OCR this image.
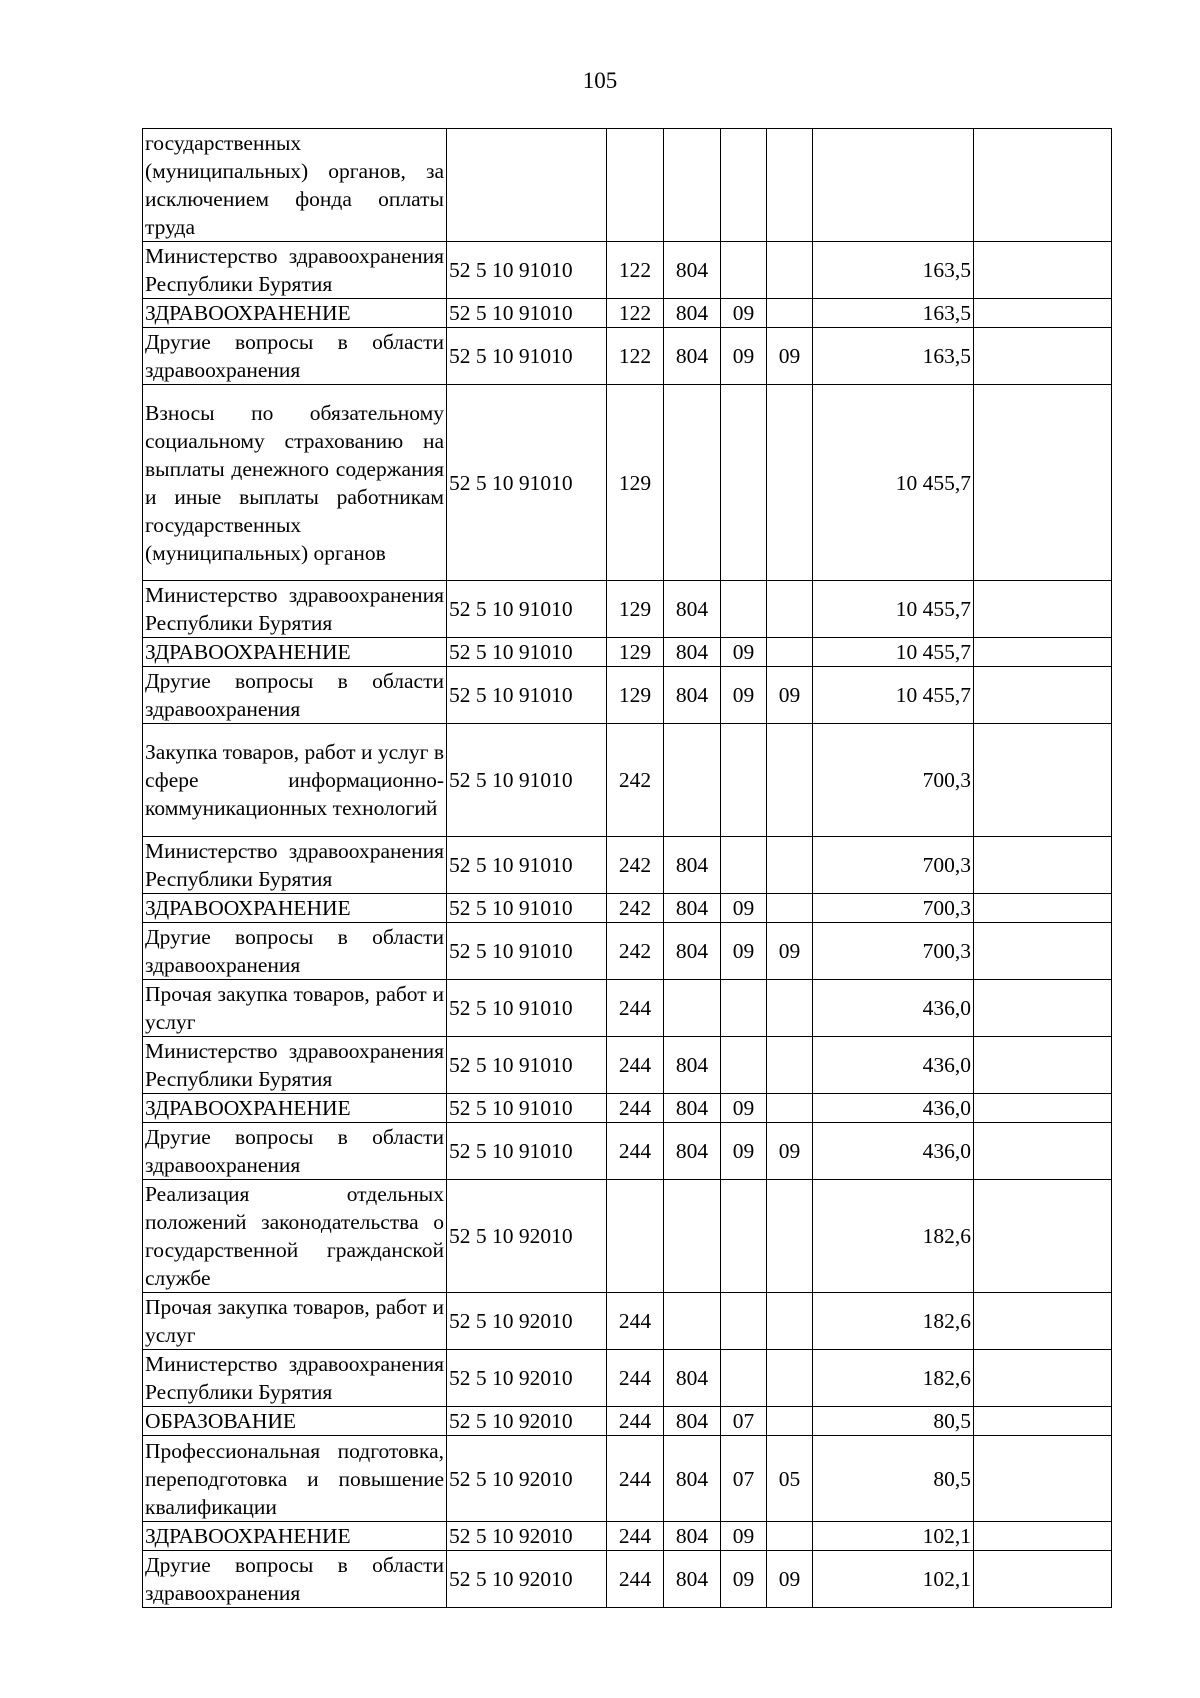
105
государственных (муниципальных) органов, за исключением фонда оплаты труда							
Министерство здравоохранения Республики Бурятия	52 5 10 91010	122	804			163,5	
ЗДРАВООХРАНЕНИЕ	52 5 10 91010	122	804	09		163,5	
Другие вопросы в области здравоохранения	52 5 10 91010	122	804	09	09	163,5	
Взносы по обязательному социальному страхованию на выплаты денежного содержания и иные выплаты работникам государственных (муниципальных) органов	52 5 10 91010	129				10 455,7	
Министерство здравоохранения Республики Бурятия	52 5 10 91010	129	804			10 455,7	
ЗДРАВООХРАНЕНИЕ	52 5 10 91010	129	804	09		10 455,7	
Другие вопросы в области здравоохранения	52 5 10 91010	129	804	09	09	10 455,7	
Закупка товаров, работ и услуг в сфере информационно-коммуникационных технологий	52 5 10 91010	242				700,3	
Министерство здравоохранения Республики Бурятия	52 5 10 91010	242	804			700,3	
ЗДРАВООХРАНЕНИЕ	52 5 10 91010	242	804	09		700,3	
Другие вопросы в области здравоохранения	52 5 10 91010	242	804	09	09	700,3	
Прочая закупка товаров, работ и услуг	52 5 10 91010	244				436,0	
Министерство здравоохранения Республики Бурятия	52 5 10 91010	244	804			436,0	
ЗДРАВООХРАНЕНИЕ	52 5 10 91010	244	804	09		436,0	
Другие вопросы в области здравоохранения	52 5 10 91010	244	804	09	09	436,0	
Реализация отдельных положений законодательства о государственной гражданской службе	52 5 10 92010					182,6	
Прочая закупка товаров, работ и услуг	52 5 10 92010	244				182,6	
Министерство здравоохранения Республики Бурятия	52 5 10 92010	244	804			182,6	
ОБРАЗОВАНИЕ	52 5 10 92010	244	804	07		80,5	
Профессиональная подготовка, переподготовка и повышение квалификации	52 5 10 92010	244	804	07	05	80,5	
ЗДРАВООХРАНЕНИЕ	52 5 10 92010	244	804	09		102,1	
Другие вопросы в области здравоохранения	52 5 10 92010	244	804	09	09	102,1	
